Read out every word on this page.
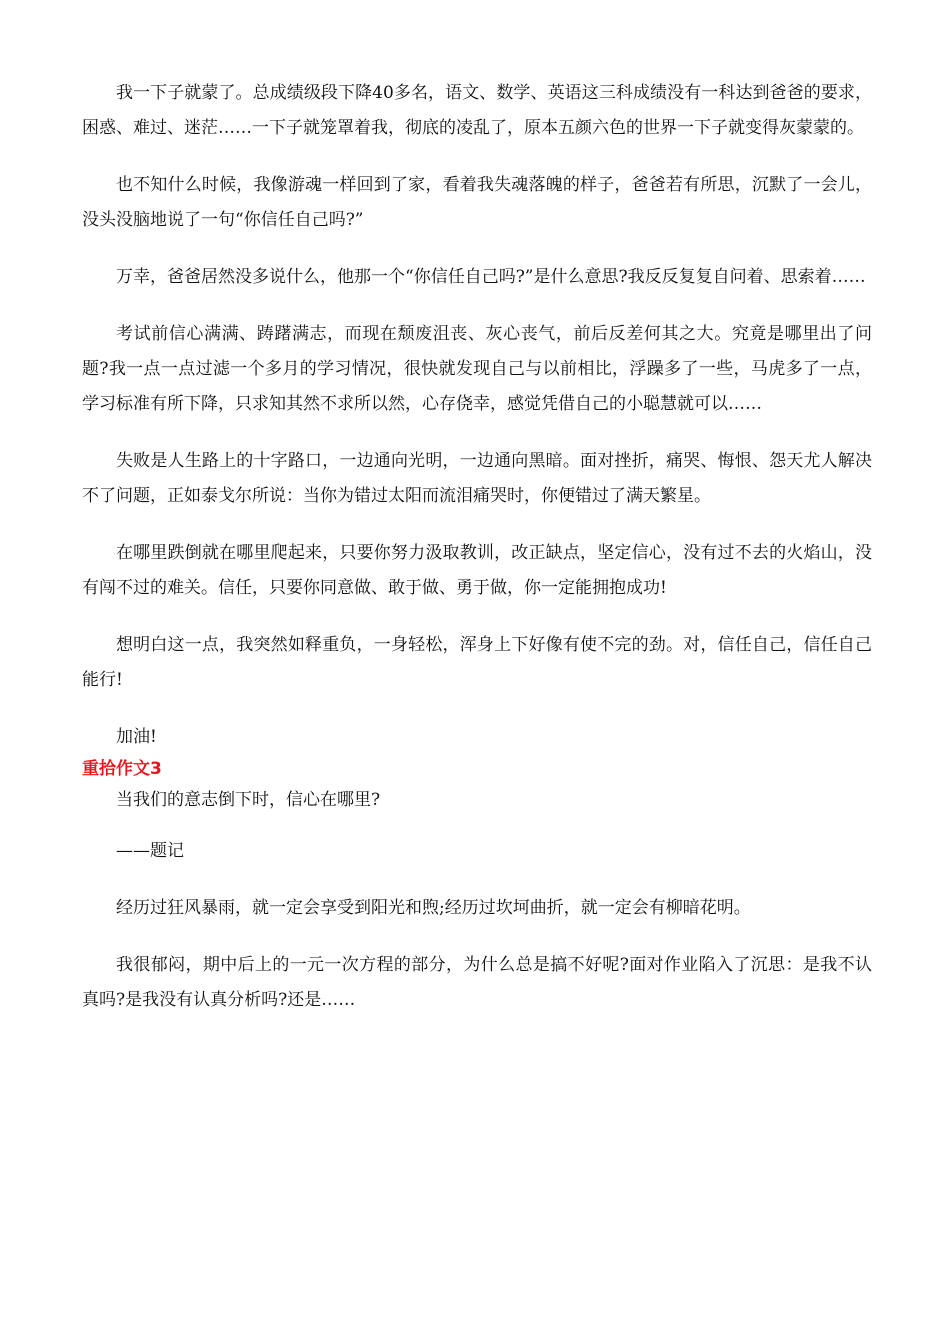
我一下子就蒙了。总成绩级段下降40多名，语文、数学、英语这三科成绩没有一科达到爸爸的要求，困惑、难过、迷茫……一下子就笼罩着我，彻底的凌乱了，原本五颜六色的世界一下子就变得灰蒙蒙的。

也不知什么时候，我像游魂一样回到了家，看着我失魂落魄的样子，爸爸若有所思，沉默了一会儿，没头没脑地说了一句“你信任自己吗?”

万幸，爸爸居然没多说什么，他那一个“你信任自己吗?”是什么意思?我反反复复自问着、思索着……

考试前信心满满、踌躇满志，而现在颓废沮丧、灰心丧气，前后反差何其之大。究竟是哪里出了问题?我一点一点过滤一个多月的学习情况，很快就发现自己与以前相比，浮躁多了一些，马虎多了一点，学习标准有所下降，只求知其然不求所以然，心存侥幸，感觉凭借自己的小聪慧就可以……

失败是人生路上的十字路口，一边通向光明，一边通向黑暗。面对挫折，痛哭、悔恨、怨天尤人解决不了问题，正如泰戈尔所说：当你为错过太阳而流泪痛哭时，你便错过了满天繁星。

在哪里跌倒就在哪里爬起来，只要你努力汲取教训，改正缺点，坚定信心，没有过不去的火焰山，没有闯不过的难关。信任，只要你同意做、敢于做、勇于做，你一定能拥抱成功!

想明白这一点，我突然如释重负，一身轻松，浑身上下好像有使不完的劲。对，信任自己，信任自己能行!

加油!

重拾作文3

当我们的意志倒下时，信心在哪里?

——题记

经历过狂风暴雨，就一定会享受到阳光和煦;经历过坎坷曲折，就一定会有柳暗花明。

我很郁闷，期中后上的一元一次方程的部分，为什么总是搞不好呢?面对作业陷入了沉思：是我不认真吗?是我没有认真分析吗?还是……
